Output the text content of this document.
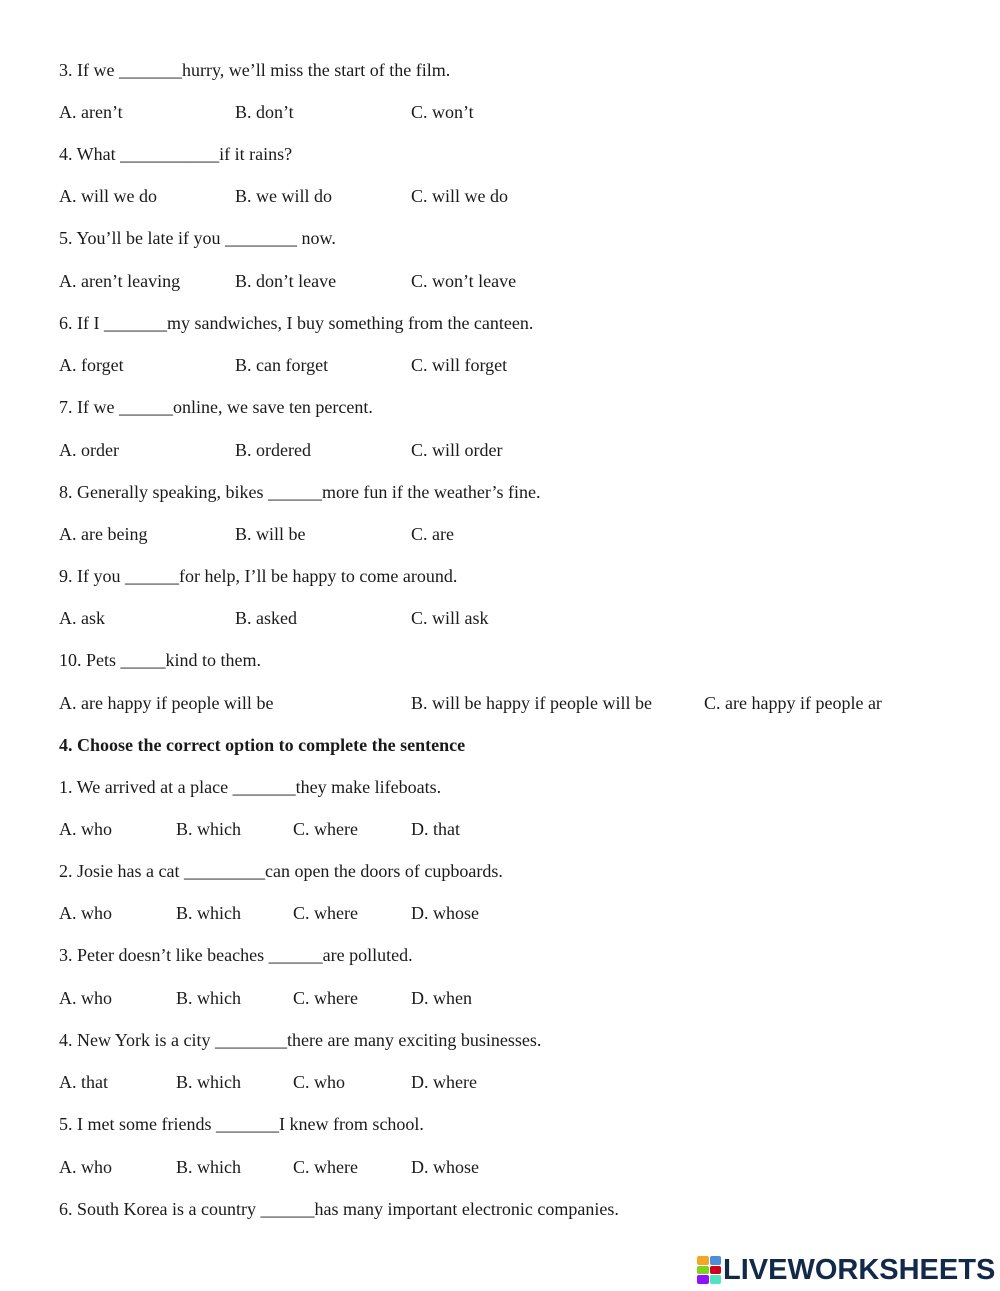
3. If we _______hurry, we’ll miss the start of the film.

A. aren’t	B. don’t	C. won’t

4. What ___________if it rains?

A. will we do	B. we will do	C. will we do

5. You’ll be late if you ________ now.

A. aren’t leaving	B. don’t leave	C. won’t leave

6. If I _______my sandwiches, I buy something from the canteen.

A. forget	B. can forget	C. will forget

7. If we ______online, we save ten percent.

A. order	B. ordered	C. will order

8. Generally speaking, bikes ______more fun if the weather’s fine.

A. are being	B. will be	C. are

9. If you ______for help, I’ll be happy to come around.

A. ask	B. asked	C. will ask

10. Pets _____kind to them.

A. are happy if people will be	B. will be happy if people will be	C. are happy if people ar

4. Choose the correct option to complete the sentence

1. We arrived at a place _______they make lifeboats.

A. who	B. which	C. where	D. that

2. Josie has a cat _________can open the doors of cupboards.

A. who	B. which	C. where	D. whose

3. Peter doesn’t like beaches ______are polluted.

A. who	B. which	C. where	D. when

4. New York is a city ________there are many exciting businesses.

A. that	B. which	C. who	D. where

5. I met some friends _______I knew from school.

A. who	B. which	C. where	D. whose

6. South Korea is a country ______has many important electronic companies.

LIVEWORKSHEETS
